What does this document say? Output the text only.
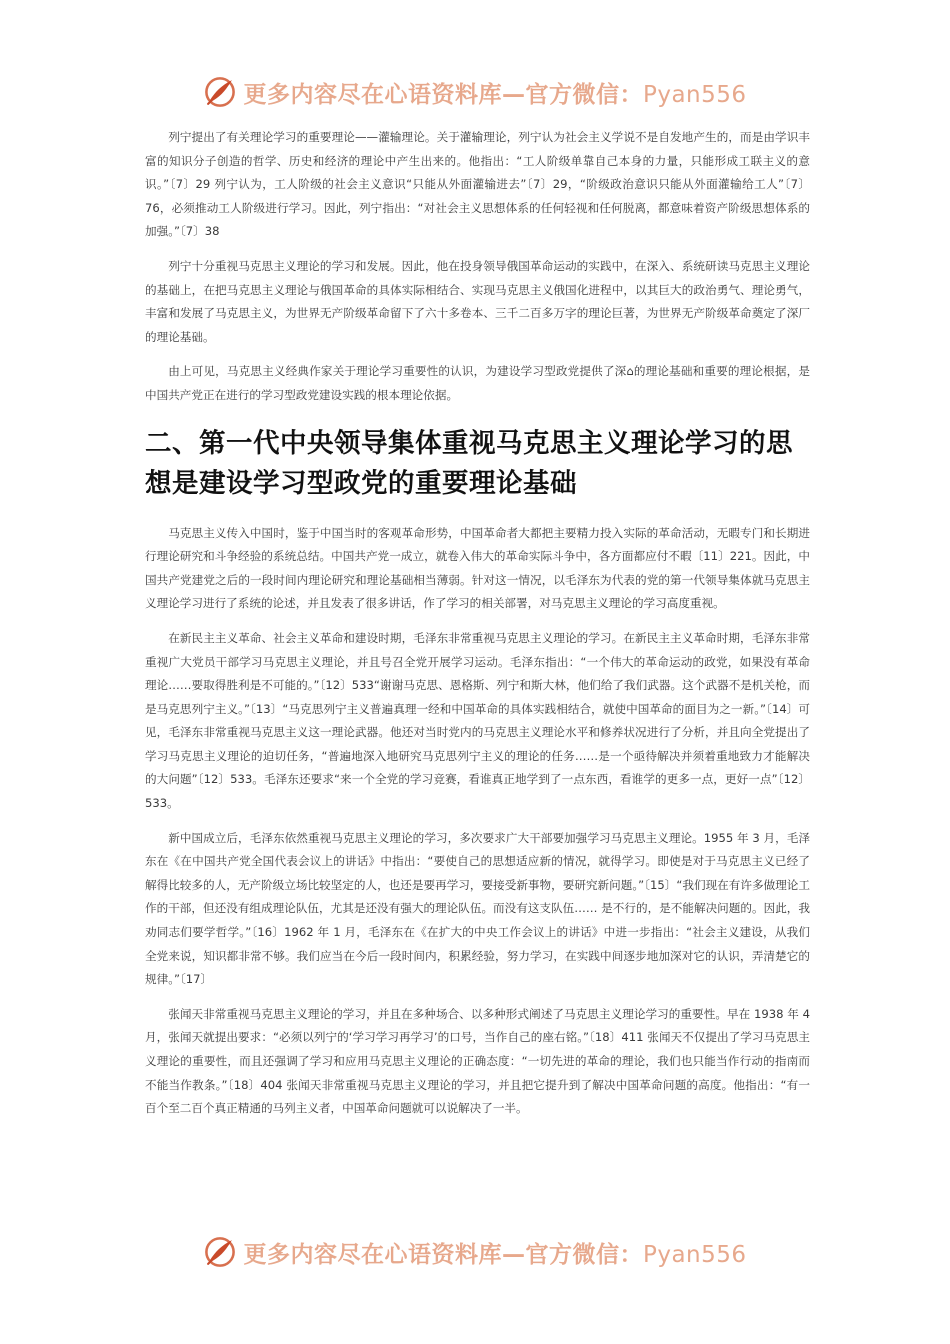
更多内容尽在心语资料库—官方微信：Pyan556

列宁提出了有关理论学习的重要理论——灌输理论。关于灌输理论，列宁认为社会主义学说不是自发地产生的，而是由学识丰富的知识分子创造的哲学、历史和经济的理论中产生出来的。他指出：“工人阶级单靠自己本身的力量，只能形成工联主义的意识。”〔7〕29 列宁认为，工人阶级的社会主义意识“只能从外面灌输进去”〔7〕29，“阶级政治意识只能从外面灌输给工人”〔7〕76，必须推动工人阶级进行学习。因此，列宁指出：“对社会主义思想体系的任何轻视和任何脱离，都意味着资产阶级思想体系的加强。”〔7〕38

列宁十分重视马克思主义理论的学习和发展。因此，他在投身领导俄国革命运动的实践中，在深入、系统研读马克思主义理论的基础上，在把马克思主义理论与俄国革命的具体实际相结合、实现马克思主义俄国化进程中，以其巨大的政治勇气、理论勇气，丰富和发展了马克思主义，为世界无产阶级革命留下了六十多卷本、三千二百多万字的理论巨著，为世界无产阶级革命奠定了深厂的理论基础。

由上可见，马克思主义经典作家关于理论学习重要性的认识，为建设学习型政党提供了深⌂的理论基础和重要的理论根据，是中国共产党正在进行的学习型政党建设实践的根本理论依据。

二、第一代中央领导集体重视马克思主义理论学习的思想是建设学习型政党的重要理论基础

马克思主义传入中国时，鉴于中国当时的客观革命形势，中国革命者大都把主要精力投入实际的革命活动，无暇专门和长期进行理论研究和斗争经验的系统总结。中国共产党一成立，就卷入伟大的革命实际斗争中，各方面都应付不暇〔11〕221。因此，中国共产党建党之后的一段时间内理论研究和理论基础相当薄弱。针对这一情况，以毛泽东为代表的党的第一代领导集体就马克思主义理论学习进行了系统的论述，并且发表了很多讲话，作了学习的相关部署，对马克思主义理论的学习高度重视。

在新民主主义革命、社会主义革命和建设时期，毛泽东非常重视马克思主义理论的学习。在新民主主义革命时期，毛泽东非常重视广大党员干部学习马克思主义理论，并且号召全党开展学习运动。毛泽东指出：“一个伟大的革命运动的政党，如果没有革命理论……要取得胜利是不可能的。”〔12〕533“谢谢马克思、恩格斯、列宁和斯大林，他们给了我们武器。这个武器不是机关枪，而是马克思列宁主义。”〔13〕“马克思列宁主义普遍真理一经和中国革命的具体实践相结合，就使中国革命的面目为之一新。”〔14〕可见，毛泽东非常重视马克思主义这一理论武器。他还对当时党内的马克思主义理论水平和修养状况进行了分析，并且向全党提出了学习马克思主义理论的迫切任务，“普遍地深入地研究马克思列宁主义的理论的任务……是一个亟待解决并须着重地致力才能解决的大问题”〔12〕533。毛泽东还要求“来一个全党的学习竞赛，看谁真正地学到了一点东西，看谁学的更多一点，更好一点”〔12〕533。

新中国成立后，毛泽东依然重视马克思主义理论的学习，多次要求广大干部要加强学习马克思主义理论。1955 年 3 月，毛泽东在《在中国共产党全国代表会议上的讲话》中指出：“要使自己的思想适应新的情况，就得学习。即使是对于马克思主义已经了解得比较多的人，无产阶级立场比较坚定的人，也还是要再学习，要接受新事物，要研究新问题。”〔15〕“我们现在有许多做理论工作的干部，但还没有组成理论队伍，尤其是还没有强大的理论队伍。而没有这支队伍…… 是不行的，是不能解决问题的。因此，我劝同志们要学哲学。”〔16〕1962 年 1 月，毛泽东在《在扩大的中央工作会议上的讲话》中进一步指出：“社会主义建设，从我们全党来说，知识都非常不够。我们应当在今后一段时间内，积累经验，努力学习，在实践中间逐步地加深对它的认识，弄清楚它的规律。”〔17〕

张闻天非常重视马克思主义理论的学习，并且在多种场合、以多种形式阐述了马克思主义理论学习的重要性。早在 1938 年 4 月，张闻天就提出要求：“必须以列宁的‘学习学习再学习’的口号，当作自己的座右铭。”〔18〕411 张闻天不仅提出了学习马克思主义理论的重要性，而且还强调了学习和应用马克思主义理论的正确态度：“一切先进的革命的理论，我们也只能当作行动的指南而不能当作教条。”〔18〕404 张闻天非常重视马克思主义理论的学习，并且把它提升到了解决中国革命问题的高度。他指出：“有一百个至二百个真正精通的马列主义者，中国革命问题就可以说解决了一半。

更多内容尽在心语资料库—官方微信：Pyan556
